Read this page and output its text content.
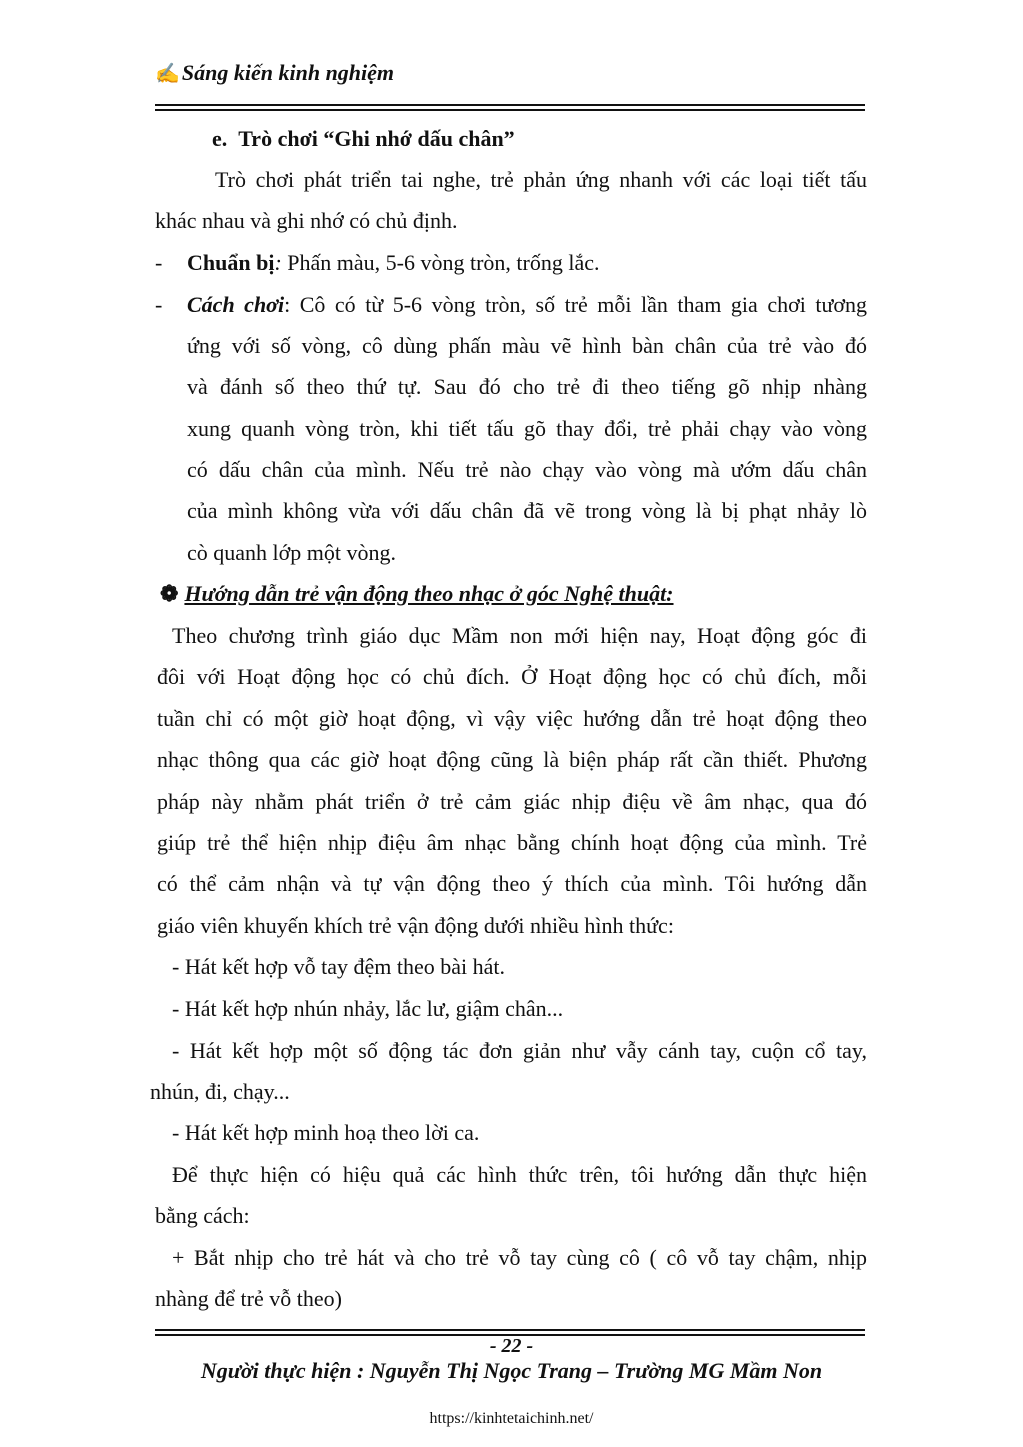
✍Sáng kiến kinh nghiệm
e. Trò chơi “Ghi nhớ dấu chân”
Trò chơi phát triển tai nghe, trẻ phản ứng nhanh với các loại tiết tấu
khác nhau và ghi nhớ có chủ định.
- Chuẩn bị: Phấn màu, 5-6 vòng tròn, trống lắc.
- Cách chơi: Cô có từ 5-6 vòng tròn, số trẻ mỗi lần tham gia chơi tương
ứng với số vòng, cô dùng phấn màu vẽ hình bàn chân của trẻ vào đó
và đánh số theo thứ tự. Sau đó cho trẻ đi theo tiếng gõ nhịp nhàng
xung quanh vòng tròn, khi tiết tấu gõ thay đổi, trẻ phải chạy vào vòng
có dấu chân của mình. Nếu trẻ nào chạy vào vòng mà ướm dấu chân
của mình không vừa với dấu chân đã vẽ trong vòng là bị phạt nhảy lò
cò quanh lớp một vòng.
❁ Hướng dẫn trẻ vận động theo nhạc ở góc Nghệ thuật:
Theo chương trình giáo dục Mầm non mới hiện nay, Hoạt động góc đi
đôi với Hoạt động học có chủ đích. Ở Hoạt động học có chủ đích, mỗi
tuần chỉ có một giờ hoạt động, vì vậy việc hướng dẫn trẻ hoạt động theo
nhạc thông qua các giờ hoạt động cũng là biện pháp rất cần thiết. Phương
pháp này nhằm phát triển ở trẻ cảm giác nhịp điệu về âm nhạc, qua đó
giúp trẻ thể hiện nhịp điệu âm nhạc bằng chính hoạt động của mình. Trẻ
có thể cảm nhận và tự vận động theo ý thích của mình. Tôi hướng dẫn
giáo viên khuyến khích trẻ vận động dưới nhiều hình thức:
- Hát kết hợp vỗ tay đệm theo bài hát.
- Hát kết hợp nhún nhảy, lắc lư, giậm chân...
- Hát kết hợp một số động tác đơn giản như vẫy cánh tay, cuộn cổ tay,
nhún, đi, chạy...
- Hát kết hợp minh hoạ theo lời ca.
Để thực hiện có hiệu quả các hình thức trên, tôi hướng dẫn thực hiện
bằng cách:
+ Bắt nhịp cho trẻ hát và cho trẻ vỗ tay cùng cô ( cô vỗ tay chậm, nhịp
nhàng để trẻ vỗ theo)
- 22 -
Người thực hiện : Nguyễn Thị Ngọc Trang – Trường MG Mầm Non
https://kinhtetaichinh.net/
